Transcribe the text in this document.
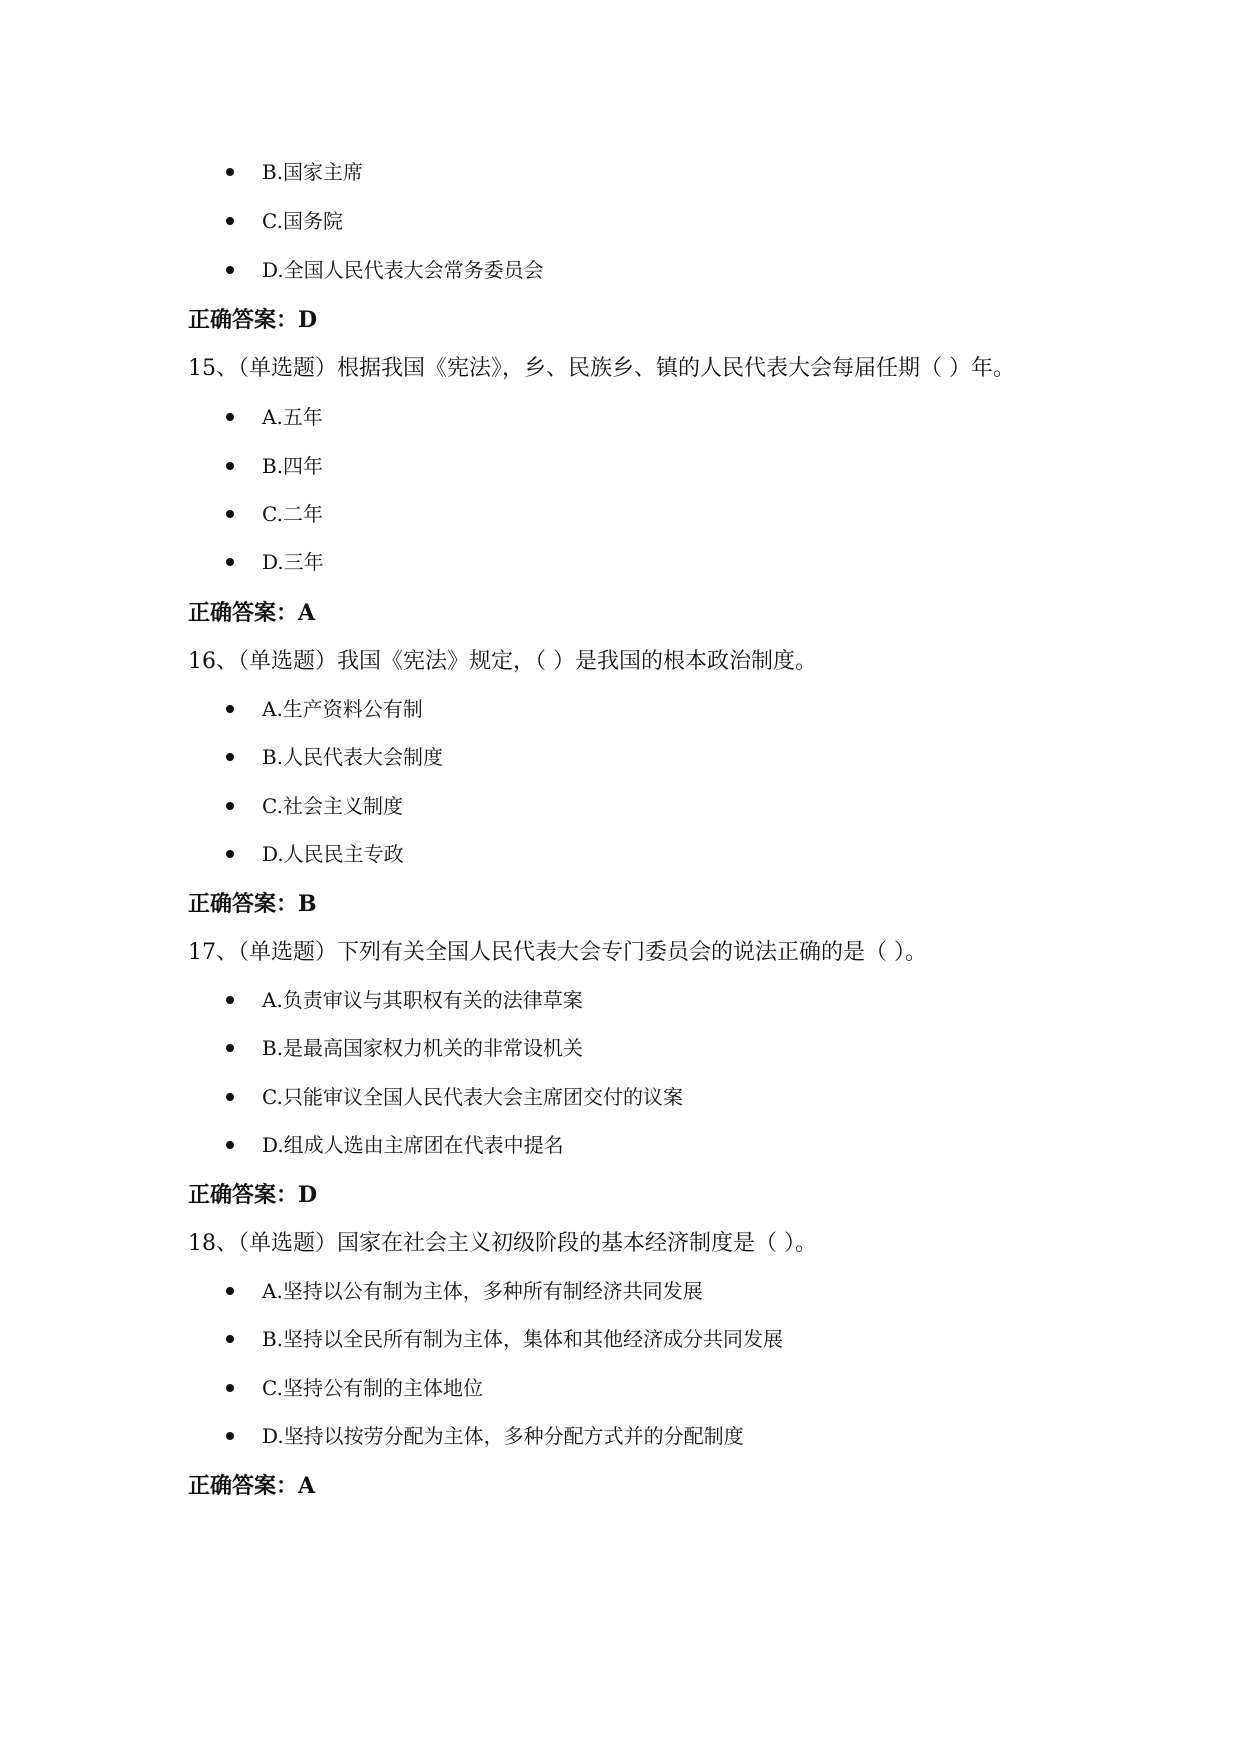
B.国家主席
C.国务院
D.全国人民代表大会常务委员会
正确答案：D
15、（单选题）根据我国《宪法》，乡、民族乡、镇的人民代表大会每届任期（ ）年。
A.五年
B.四年
C.二年
D.三年
正确答案：A
16、（单选题）我国《宪法》规定，（ ）是我国的根本政治制度。
A.生产资料公有制
B.人民代表大会制度
C.社会主义制度
D.人民民主专政
正确答案：B
17、（单选题）下列有关全国人民代表大会专门委员会的说法正确的是（ ）。
A.负责审议与其职权有关的法律草案
B.是最高国家权力机关的非常设机关
C.只能审议全国人民代表大会主席团交付的议案
D.组成人选由主席团在代表中提名
正确答案：D
18、（单选题）国家在社会主义初级阶段的基本经济制度是（ ）。
A.坚持以公有制为主体，多种所有制经济共同发展
B.坚持以全民所有制为主体，集体和其他经济成分共同发展
C.坚持公有制的主体地位
D.坚持以按劳分配为主体，多种分配方式并的分配制度
正确答案：A
